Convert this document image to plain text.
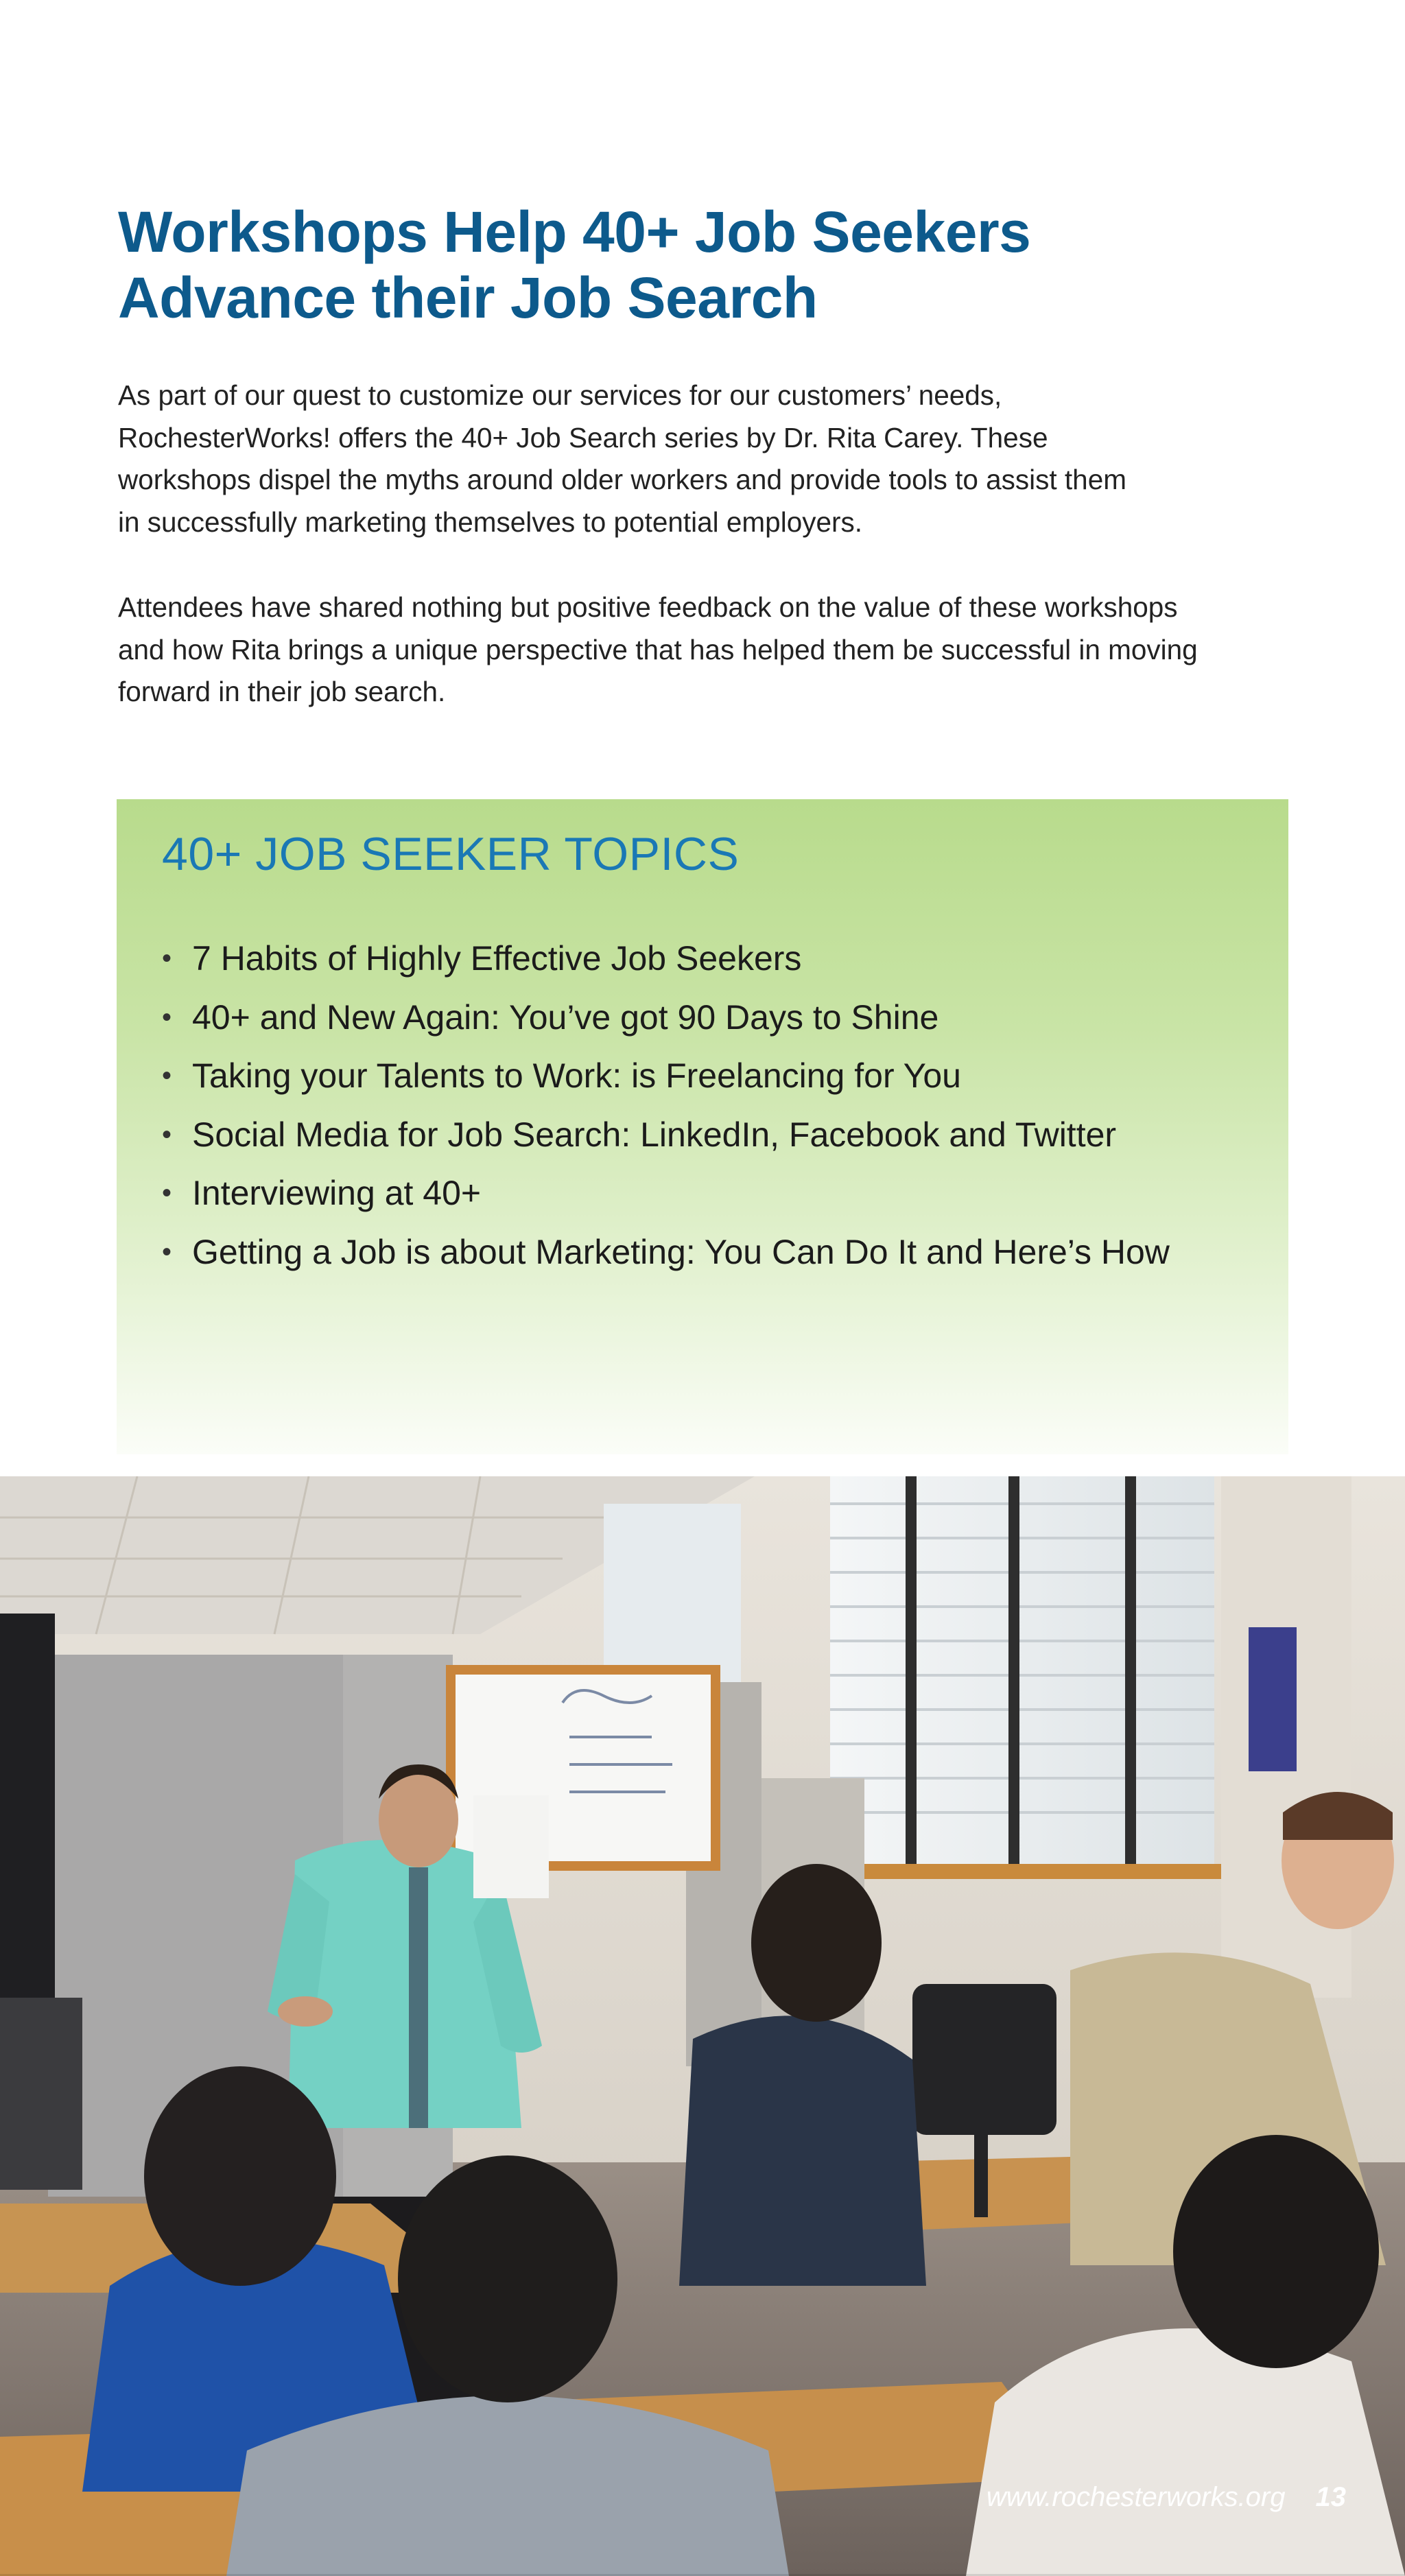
Workshops Help 40+ Job Seekers
Advance their Job Search

As part of our quest to customize our services for our customers’ needs,
RochesterWorks! offers the 40+ Job Search series by Dr. Rita Carey. These
workshops dispel the myths around older workers and provide tools to assist them
in successfully marketing themselves to potential employers.

Attendees have shared nothing but positive feedback on the value of these workshops
and how Rita brings a unique perspective that has helped them be successful in moving
forward in their job search.

40+ JOB SEEKER TOPICS
• 7 Habits of Highly Effective Job Seekers
• 40+ and New Again: You’ve got 90 Days to Shine
• Taking your Talents to Work: is Freelancing for You
• Social Media for Job Search: LinkedIn, Facebook and Twitter
• Interviewing at 40+
• Getting a Job is about Marketing: You Can Do It and Here’s How
www.rochesterworks.org 13
